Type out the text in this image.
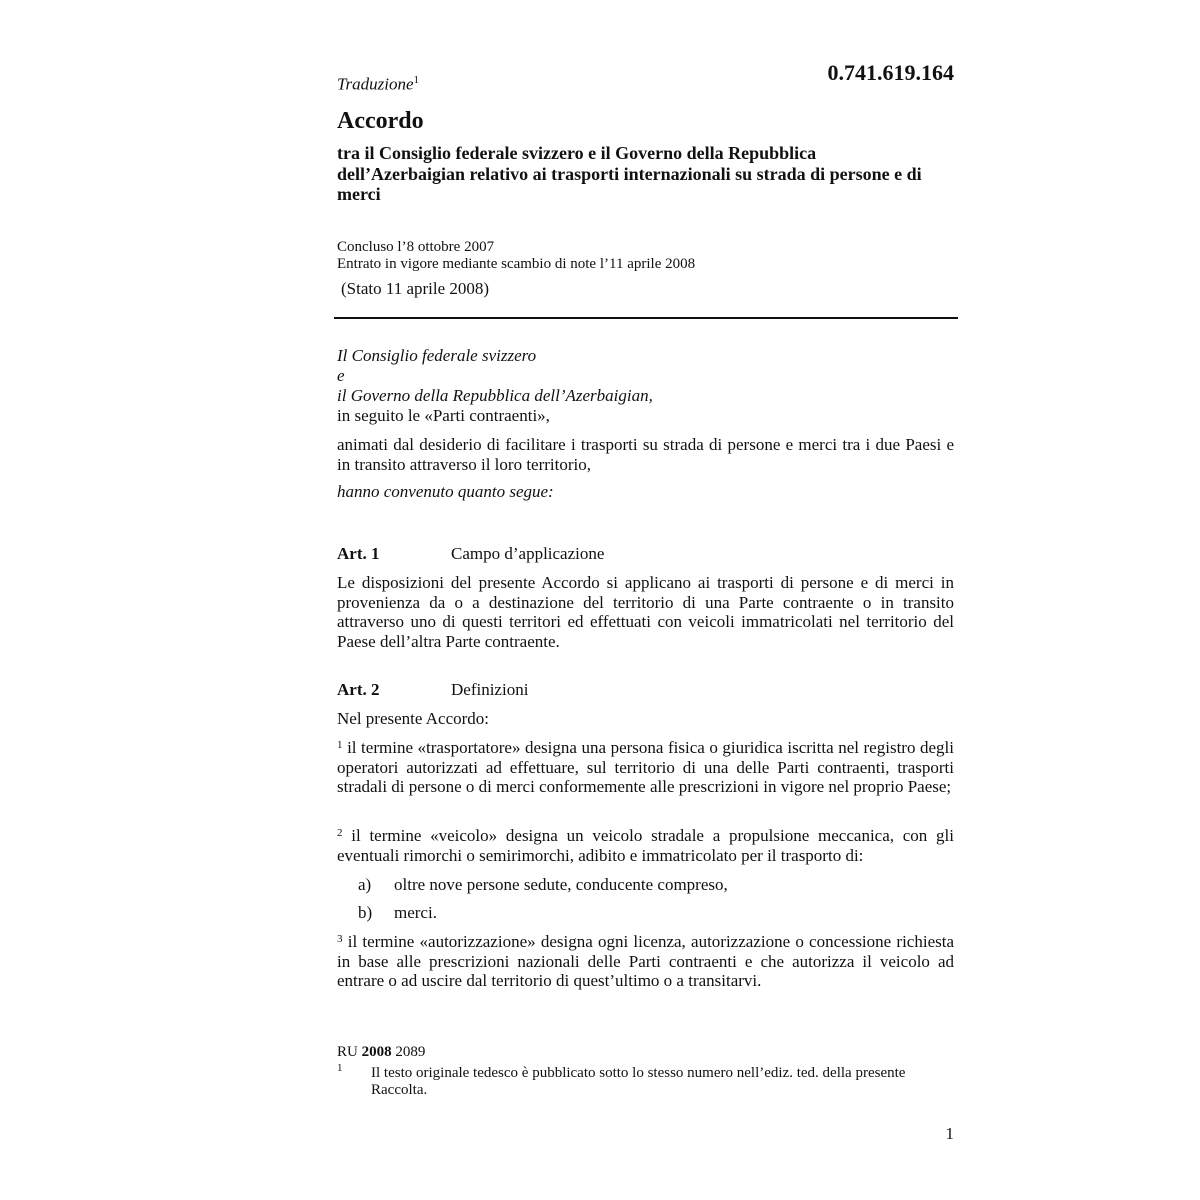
0.741.619.164
Traduzione$^1$
Accordo
tra il Consiglio federale svizzero e il Governo della Repubblica dell’Azerbaigian relativo ai trasporti internazionali su strada di persone e di merci
Concluso l’8 ottobre 2007
Entrato in vigore mediante scambio di note l’11 aprile 2008
(Stato 11 aprile 2008)
Il Consiglio federale svizzero
e
il Governo della Repubblica dell’Azerbaigian,
in seguito le «Parti contraenti»,
animati dal desiderio di facilitare i trasporti su strada di persone e merci tra i due Paesi e in transito attraverso il loro territorio,
hanno convenuto quanto segue:
Art. 1	Campo d’applicazione
Le disposizioni del presente Accordo si applicano ai trasporti di persone e di merci in provenienza da o a destinazione del territorio di una Parte contraente o in transito attraverso uno di questi territori ed effettuati con veicoli immatricolati nel territorio del Paese dell’altra Parte contraente.
Art. 2	Definizioni
Nel presente Accordo:
$^1$ il termine «trasportatore» designa una persona fisica o giuridica iscritta nel registro degli operatori autorizzati ad effettuare, sul territorio di una delle Parti contraenti, trasporti stradali di persone o di merci conformemente alle prescrizioni in vigore nel proprio Paese;
$^2$ il termine «veicolo» designa un veicolo stradale a propulsione meccanica, con gli eventuali rimorchi o semirimorchi, adibito e immatricolato per il trasporto di:
a) oltre nove persone sedute, conducente compreso,
b) merci.
$^3$ il termine «autorizzazione» designa ogni licenza, autorizzazione o concessione richiesta in base alle prescrizioni nazionali delle Parti contraenti e che autorizza il veicolo ad entrare o ad uscire dal territorio di quest’ultimo o a transitarvi.
RU 2008 2089
1 Il testo originale tedesco è pubblicato sotto lo stesso numero nell’ediz. ted. della presente Raccolta.
1
